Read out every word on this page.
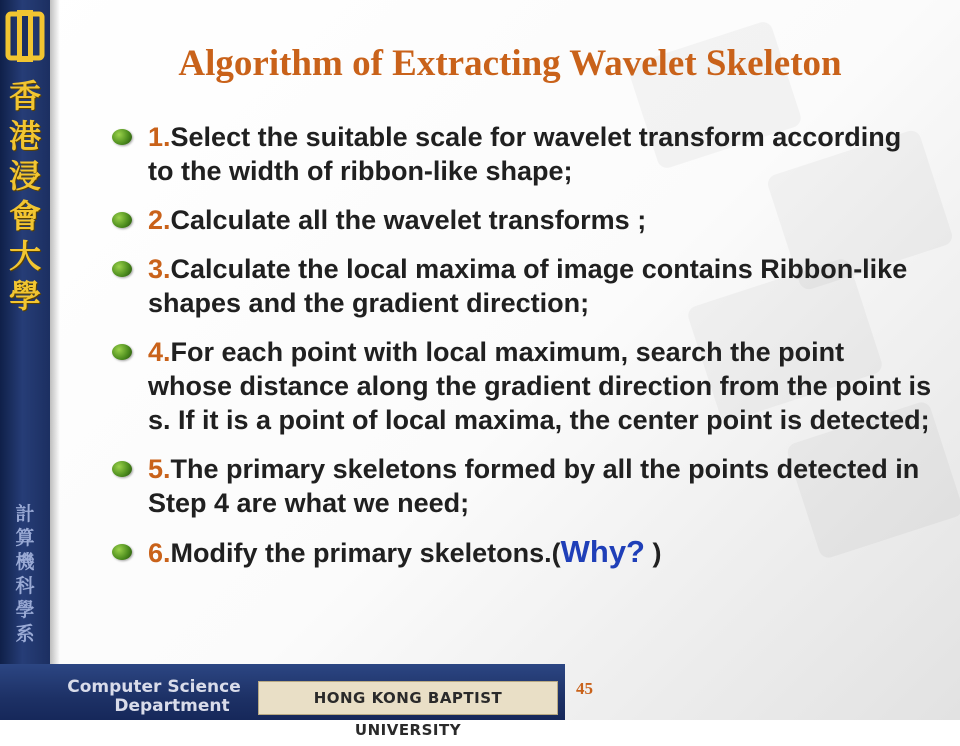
香
港
浸
會
大
學
計
算
機
科
學
系
Computer Science

Department	HONG KONG BAPTIST UNIVERSITY
Algorithm of Extracting Wavelet Skeleton
1.Select the suitable scale for wavelet transform according to the width of ribbon-like shape;
2.Calculate all the wavelet transforms ;
3.Calculate the local maxima of image contains Ribbon-like shapes and the gradient direction;
4.For each point with local maximum, search the point whose distance along the gradient direction from the point is s. If it is a point of local maxima, the center point is detected;
5.The primary skeletons formed by all the points detected in Step 4 are what we need;
6.Modify the primary skeletons.(Why? )
45
